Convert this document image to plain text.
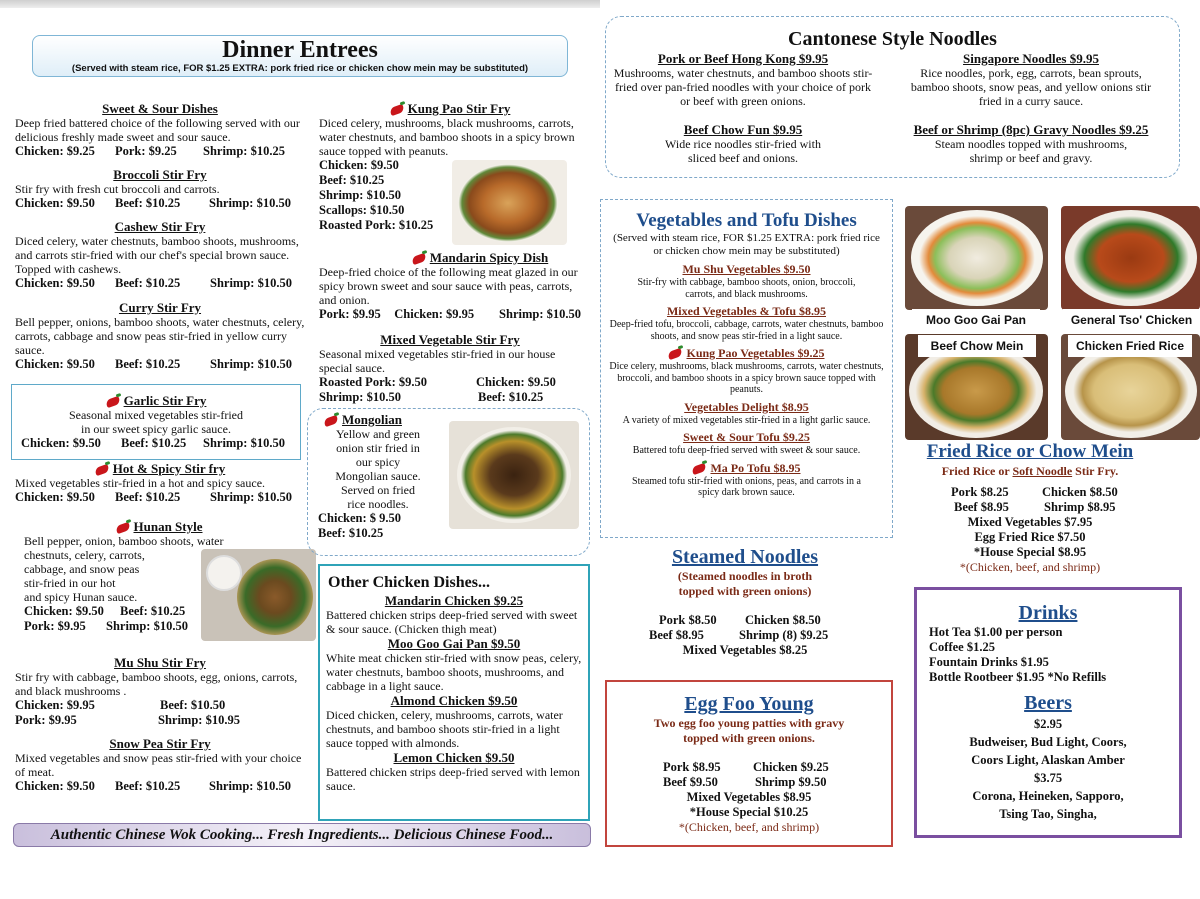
Dinner Entrees
(Served with steam rice, FOR $1.25 EXTRA: pork fried rice or chicken chow mein may be substituted)
Sweet & Sour Dishes
Deep fried battered choice of the following served with our delicious freshly made sweet and sour sauce.
Chicken: $9.25	Pork: $9.25	Shrimp: $10.25
Broccoli Stir Fry
Stir fry with fresh cut broccoli and carrots.
Chicken: $9.50	Beef: $10.25	Shrimp: $10.50
Cashew Stir Fry
Diced celery, water chestnuts, bamboo shoots, mushrooms, and carrots stir-fried with our chef's special brown sauce. Topped with cashews.
Chicken: $9.50	Beef: $10.25	Shrimp: $10.50
Curry Stir Fry
Bell pepper, onions, bamboo shoots, water chestnuts, celery, carrots, cabbage and snow peas stir-fried in yellow curry sauce.
Chicken: $9.50	Beef: $10.25	Shrimp: $10.50
Garlic Stir Fry
Seasonal mixed vegetables stir-fried
in our sweet spicy garlic sauce.
Chicken: $9.50	Beef: $10.25	Shrimp: $10.50
Hot & Spicy Stir fry
Mixed vegetables stir-fried in a hot and spicy sauce.
Chicken: $9.50	Beef: $10.25	Shrimp: $10.50
Hunan Style
Bell pepper, onion, bamboo shoots, water
chestnuts, celery, carrots,
cabbage, and snow peas
stir-fried in our hot
and spicy Hunan sauce.
Chicken: $9.50	Beef: $10.25
Pork: $9.95	Shrimp: $10.50
Mu Shu Stir Fry
Stir fry with cabbage, bamboo shoots, egg, onions, carrots, and black mushrooms .
Chicken: $9.95	Beef: $10.50
Pork: $9.95	Shrimp: $10.95
Snow Pea Stir Fry
Mixed vegetables and snow peas stir-fried with your choice of meat.
Chicken: $9.50	Beef: $10.25	Shrimp: $10.50
Kung Pao Stir Fry
Diced celery, mushrooms, black mushrooms, carrots, water chestnuts, and bamboo shoots in a spicy brown sauce topped with peanuts.
Chicken: $9.50
Beef: $10.25
Shrimp: $10.50
Scallops: $10.50
Roasted Pork: $10.25
Mandarin Spicy Dish
Deep-fried choice of the following meat glazed in our spicy brown sweet and sour sauce with peas, carrots, and onion.
Pork: $9.95	Chicken: $9.95	Shrimp: $10.50
Mixed Vegetable Stir Fry
Seasonal mixed vegetables stir-fried in our house special sauce.
Roasted Pork: $9.50	Chicken: $9.50
Shrimp: $10.50	Beef: $10.25
Mongolian
Yellow and green
onion stir fried in
our spicy
Mongolian sauce.
Served on fried
rice noodles.
Chicken: $ 9.50
Beef: $10.25
Other Chicken Dishes...
Mandarin Chicken $9.25
Battered chicken strips deep-fried served with sweet & sour sauce. (Chicken thigh meat)
Moo Goo Gai Pan $9.50
White meat chicken stir-fried with snow peas, celery, water chestnuts, bamboo shoots, mushrooms, and cabbage in a light sauce.
Almond Chicken $9.50
Diced chicken, celery, mushrooms, carrots, water chestnuts, and bamboo shoots stir-fried in a light sauce topped with almonds.
Lemon Chicken $9.50
Battered chicken strips deep-fried served with lemon sauce.
Authentic Chinese Wok Cooking... Fresh Ingredients... Delicious Chinese Food...
Cantonese Style Noodles
Pork or Beef Hong Kong $9.95
Mushrooms, water chestnuts, and bamboo shoots stir-fried over pan-fried noodles with your choice of pork or beef with green onions.
Beef Chow Fun $9.95
Wide rice noodles stir-fried with sliced beef and onions.
Singapore Noodles $9.95
Rice noodles, pork, egg, carrots, bean sprouts, bamboo shoots, snow peas, and yellow onions stir fried in a curry sauce.
Beef or Shrimp (8pc) Gravy Noodles $9.25
Steam noodles topped with mushrooms, shrimp or beef and gravy.
Vegetables and Tofu Dishes
(Served with steam rice, FOR $1.25 EXTRA: pork fried rice or chicken chow mein may be substituted)
Mu Shu Vegetables $9.50
Stir-fry with cabbage, bamboo shoots, onion, broccoli, carrots, and black mushrooms.
Mixed Vegetables & Tofu $8.95
Deep-fried tofu, broccoli, cabbage, carrots, water chestnuts, bamboo shoots, and snow peas stir-fried in a light sauce.
Kung Pao Vegetables $9.25
Dice celery, mushrooms, black mushrooms, carrots, water chestnuts, broccoli, and bamboo shoots in a spicy brown sauce topped with peanuts.
Vegetables Delight $8.95
A variety of mixed vegetables stir-fried in a light garlic sauce.
Sweet & Sour Tofu $9.25
Battered tofu deep-fried served with sweet & sour sauce.
Ma Po Tofu $8.95
Steamed tofu stir-fried with onions, peas, and carrots in a spicy dark brown sauce.
Steamed Noodles
(Steamed noodles in broth
topped with green onions)
Pork $8.50	Chicken $8.50
Beef $8.95	Shrimp (8) $9.25
Mixed Vegetables $8.25
Egg Foo Young
Two egg foo young patties with gravy
topped with green onions.
Pork $8.95	Chicken $9.25
Beef $9.50	Shrimp $9.50
Mixed Vegetables $8.95
*House Special $10.25
*(Chicken, beef, and shrimp)
Moo Goo Gai Pan	General Tso' Chicken
Beef Chow Mein	Chicken Fried Rice
Fried Rice or Chow Mein
Fried Rice or Soft Noodle Stir Fry.
Pork $8.25	Chicken $8.50
Beef $8.95	Shrimp $8.95
Mixed Vegetables $7.95
Egg Fried Rice $7.50
*House Special $8.95
*(Chicken, beef, and shrimp)
Drinks
Hot Tea $1.00 per person
Coffee $1.25
Fountain Drinks $1.95
Bottle Rootbeer $1.95 *No Refills
Beers
$2.95
Budweiser, Bud Light, Coors,
Coors Light, Alaskan Amber
$3.75
Corona, Heineken, Sapporo,
Tsing Tao, Singha,
